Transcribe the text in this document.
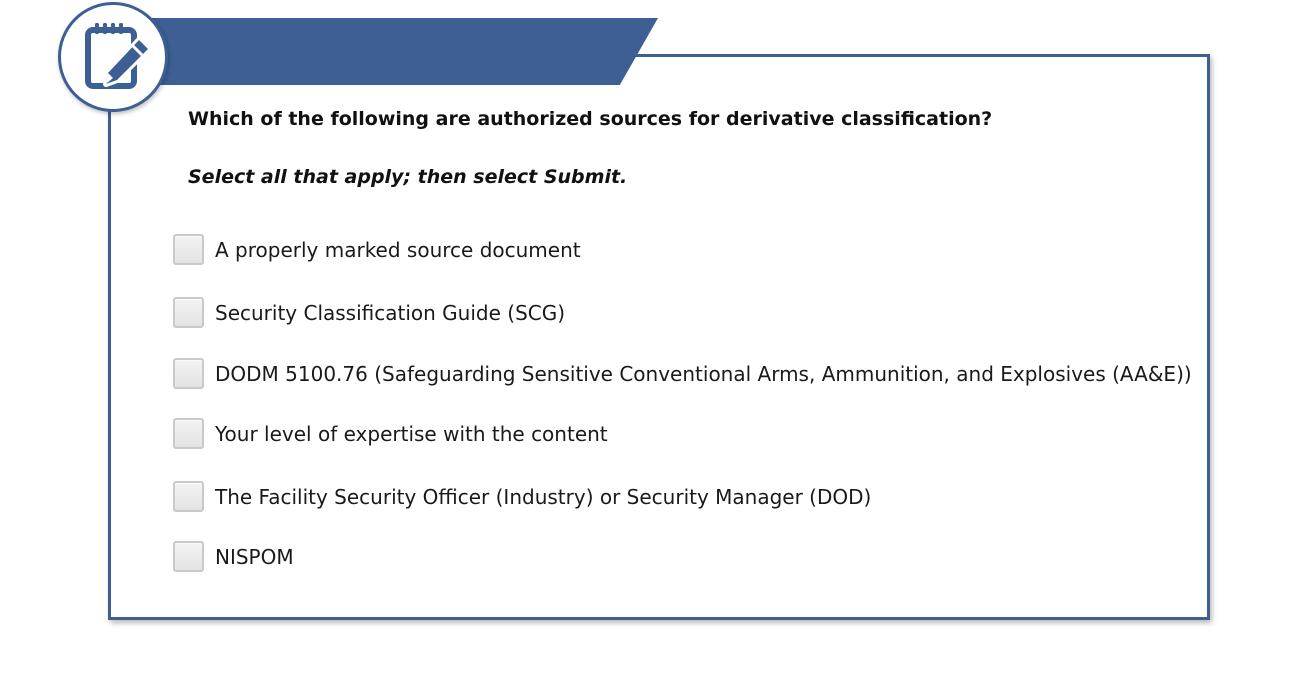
Which of the following are authorized sources for derivative classification?

Select all that apply; then select Submit.

A properly marked source document
Security Classification Guide (SCG)
DODM 5100.76 (Safeguarding Sensitive Conventional Arms, Ammunition, and Explosives (AA&E))
Your level of expertise with the content
The Facility Security Officer (Industry) or Security Manager (DOD)
NISPOM
